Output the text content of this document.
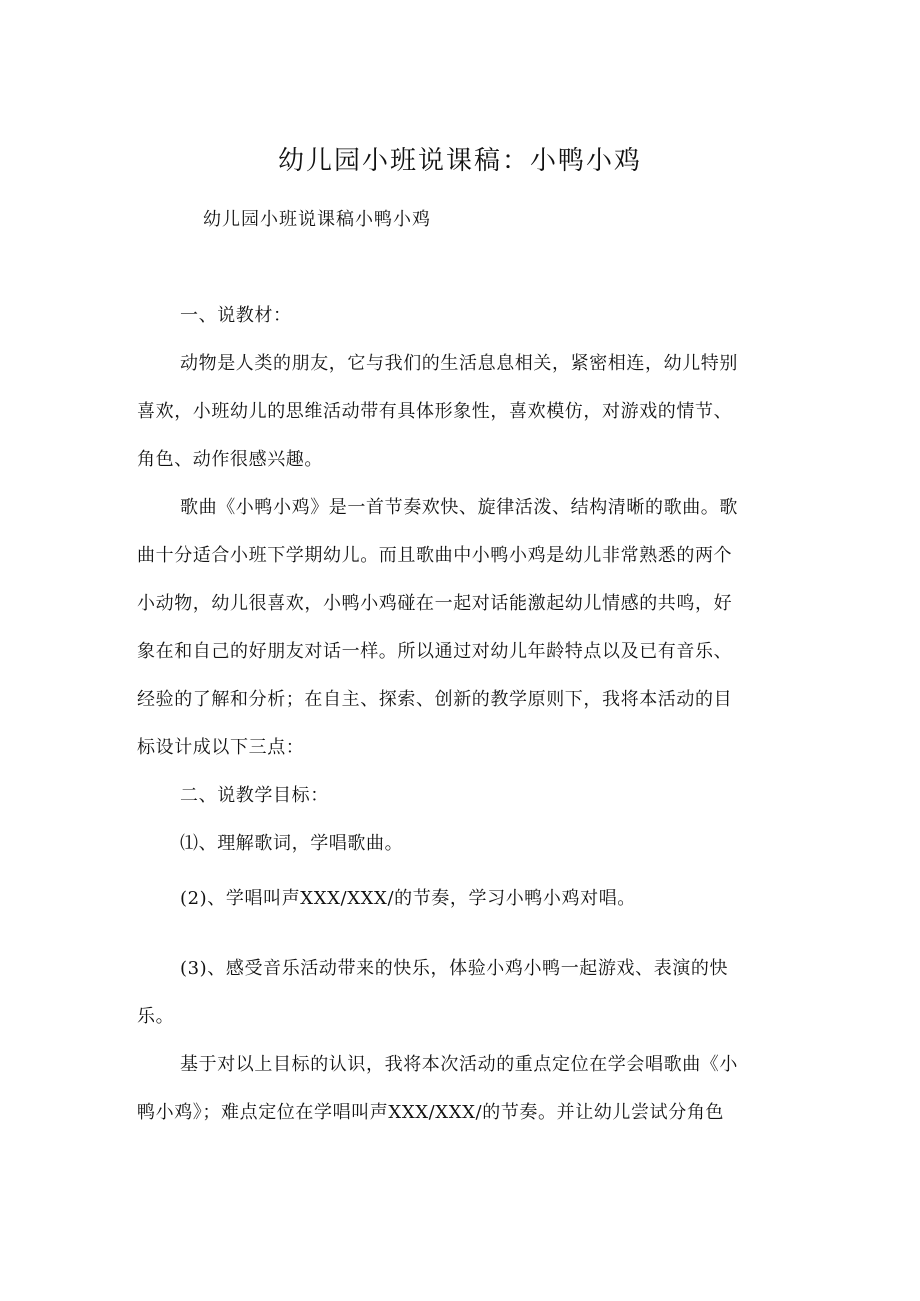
幼儿园小班说课稿：小鸭小鸡
幼儿园小班说课稿小鸭小鸡
一、说教材：
动物是人类的朋友，它与我们的生活息息相关，紧密相连，幼儿特别
喜欢，小班幼儿的思维活动带有具体形象性，喜欢模仿，对游戏的情节、
角色、动作很感兴趣。
歌曲《小鸭小鸡》是一首节奏欢快、旋律活泼、结构清晰的歌曲。歌
曲十分适合小班下学期幼儿。而且歌曲中小鸭小鸡是幼儿非常熟悉的两个
小动物，幼儿很喜欢，小鸭小鸡碰在一起对话能激起幼儿情感的共鸣，好
象在和自己的好朋友对话一样。所以通过对幼儿年龄特点以及已有音乐、
经验的了解和分析；在自主、探索、创新的教学原则下，我将本活动的目
标设计成以下三点：
二、说教学目标：
⑴、理解歌词，学唱歌曲。
(2)、学唱叫声XXX/XXX/的节奏，学习小鸭小鸡对唱。
(3)、感受音乐活动带来的快乐，体验小鸡小鸭一起游戏、表演的快
乐。
基于对以上目标的认识，我将本次活动的重点定位在学会唱歌曲《小
鸭小鸡》；难点定位在学唱叫声XXX/XXX/的节奏。并让幼儿尝试分角色
